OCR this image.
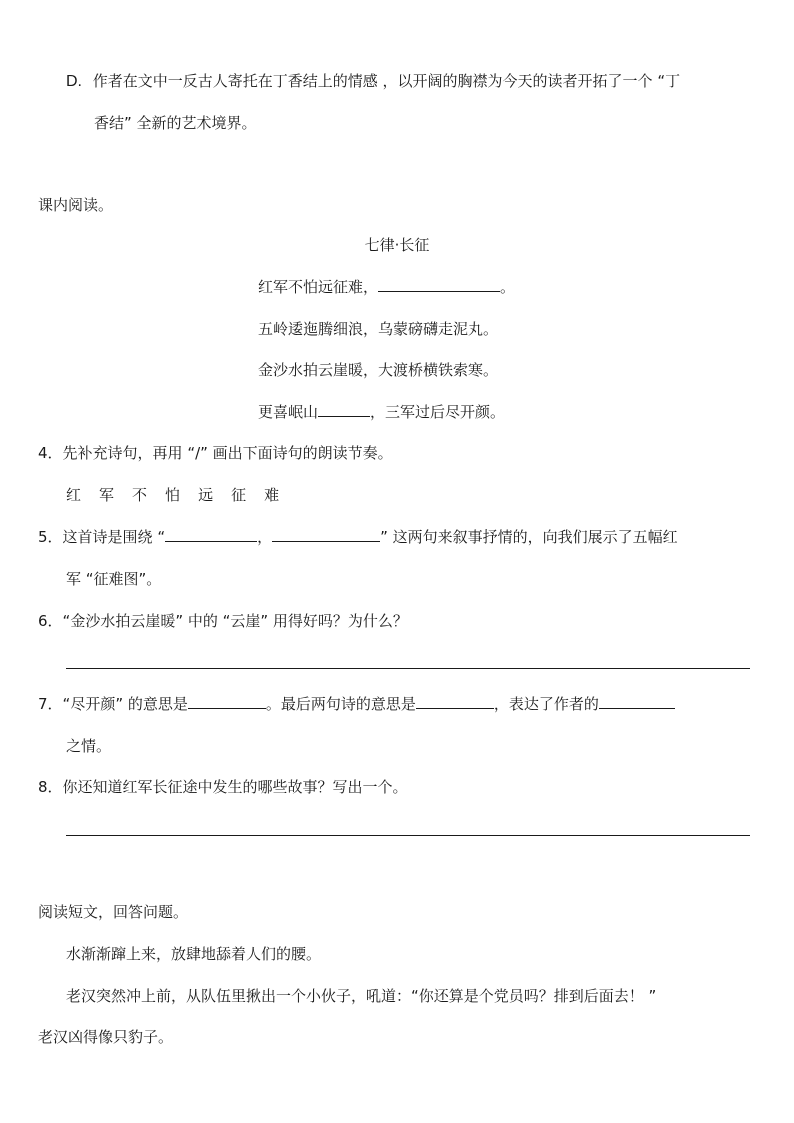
D. 作者在文中一反古人寄托在丁香结上的情感 ，以开阔的胸襟为今天的读者开拓了一个 “丁
香结” 全新的艺术境界。
课内阅读。
七律·长征
红军不怕远征难，	。
五岭逶迤腾细浪，乌蒙磅礴走泥丸。
金沙水拍云崖暖，大渡桥横铁索寒。
更喜岷山	，三军过后尽开颜。
4．先补充诗句，再用 “/” 画出下面诗句的朗读节奏。
红 军 不 怕 远 征 难
5．这首诗是围绕 “	，	” 这两句来叙事抒情的，向我们展示了五幅红
军 “征难图”。
6．“金沙水拍云崖暖” 中的 “云崖” 用得好吗？为什么？
7．“尽开颜” 的意思是	。最后两句诗的意思是	，表达了作者的
之情。
8．你还知道红军长征途中发生的哪些故事？写出一个。
阅读短文，回答问题。
水渐渐蹿上来，放肆地舔着人们的腰。
老汉突然冲上前，从队伍里揪出一个小伙子，吼道：“你还算是个党员吗？排到后面去！ ”
老汉凶得像只豹子。
